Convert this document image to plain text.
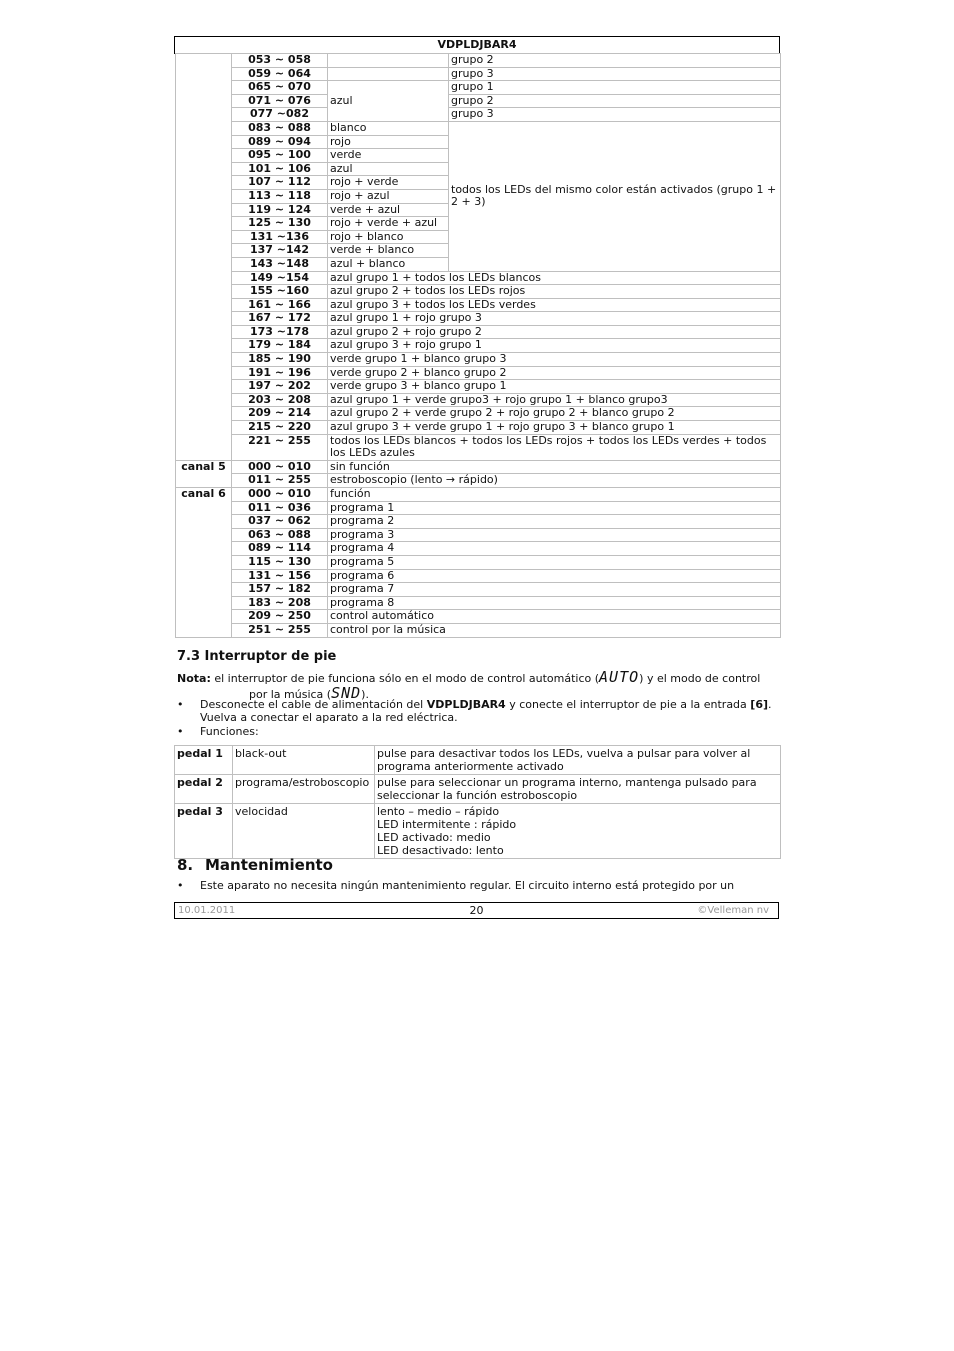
VDPLDJBAR4
	053 ~ 058		grupo 2
	059 ~ 064		grupo 3
	065 ~ 070	azul	grupo 1
	071 ~ 076		grupo 2
	077 ~082		grupo 3
	083 ~ 088	blanco	todos los LEDs del mismo color están activados (grupo 1 + 2 + 3)
	089 ~ 094	rojo	
	095 ~ 100	verde	
	101 ~ 106	azul	
	107 ~ 112	rojo + verde	
	113 ~ 118	rojo + azul	
	119 ~ 124	verde + azul	
	125 ~ 130	rojo + verde + azul	
	131 ~136	rojo + blanco	
	137 ~142	verde + blanco	
	143 ~148	azul + blanco	
	149 ~154	azul grupo 1 + todos los LEDs blancos	
	155 ~160	azul grupo 2 + todos los LEDs rojos	
	161 ~ 166	azul grupo 3 + todos los LEDs verdes	
	167 ~ 172	azul grupo 1 + rojo grupo 3	
	173 ~178	azul grupo 2 + rojo grupo 2	
	179 ~ 184	azul grupo 3 + rojo grupo 1	
	185 ~ 190	verde grupo 1 + blanco grupo 3	
	191 ~ 196	verde grupo 2 + blanco grupo 2	
	197 ~ 202	verde grupo 3 + blanco grupo 1	
	203 ~ 208	azul grupo 1 + verde grupo3 + rojo grupo 1 + blanco grupo3	
	209 ~ 214	azul grupo 2 + verde grupo 2 + rojo grupo 2 + blanco grupo 2	
	215 ~ 220	azul grupo 3 + verde grupo 1 + rojo grupo 3 + blanco grupo 1	
	221 ~ 255	todos los LEDs blancos + todos los LEDs rojos + todos los LEDs verdes + todos los LEDs azules	
canal 5	000 ~ 010	sin función	
	011 ~ 255	estroboscopio (lento → rápido)	
canal 6	000 ~ 010	función	
	011 ~ 036	programa 1	
	037 ~ 062	programa 2	
	063 ~ 088	programa 3	
	089 ~ 114	programa 4	
	115 ~ 130	programa 5	
	131 ~ 156	programa 6	
	157 ~ 182	programa 7	
	183 ~ 208	programa 8	
	209 ~ 250	control automático	
	251 ~ 255	control por la música	
7.3 Interruptor de pie
Nota: el interruptor de pie funciona sólo en el modo de control automático (AUTO) y el modo de control
por la música (SND).
• Desconecte el cable de alimentación del VDPLDJBAR4 y conecte el interruptor de pie a la entrada [6]. Vuelva a conectar el aparato a la red eléctrica.
• Funciones:
pedal 1	black-out	pulse para desactivar todos los LEDs, vuelva a pulsar para volver al programa anteriormente activado
pedal 2	programa/estroboscopio	pulse para seleccionar un programa interno, mantenga pulsado para seleccionar la función estroboscopio
pedal 3	velocidad	lento – medio – rápido
LED intermitente : rápido
LED activado: medio
LED desactivado: lento
8. Mantenimiento
•	Este aparato no necesita ningún mantenimiento regular. El circuito interno está protegido por un
10.01.2011	20	©Velleman nv
